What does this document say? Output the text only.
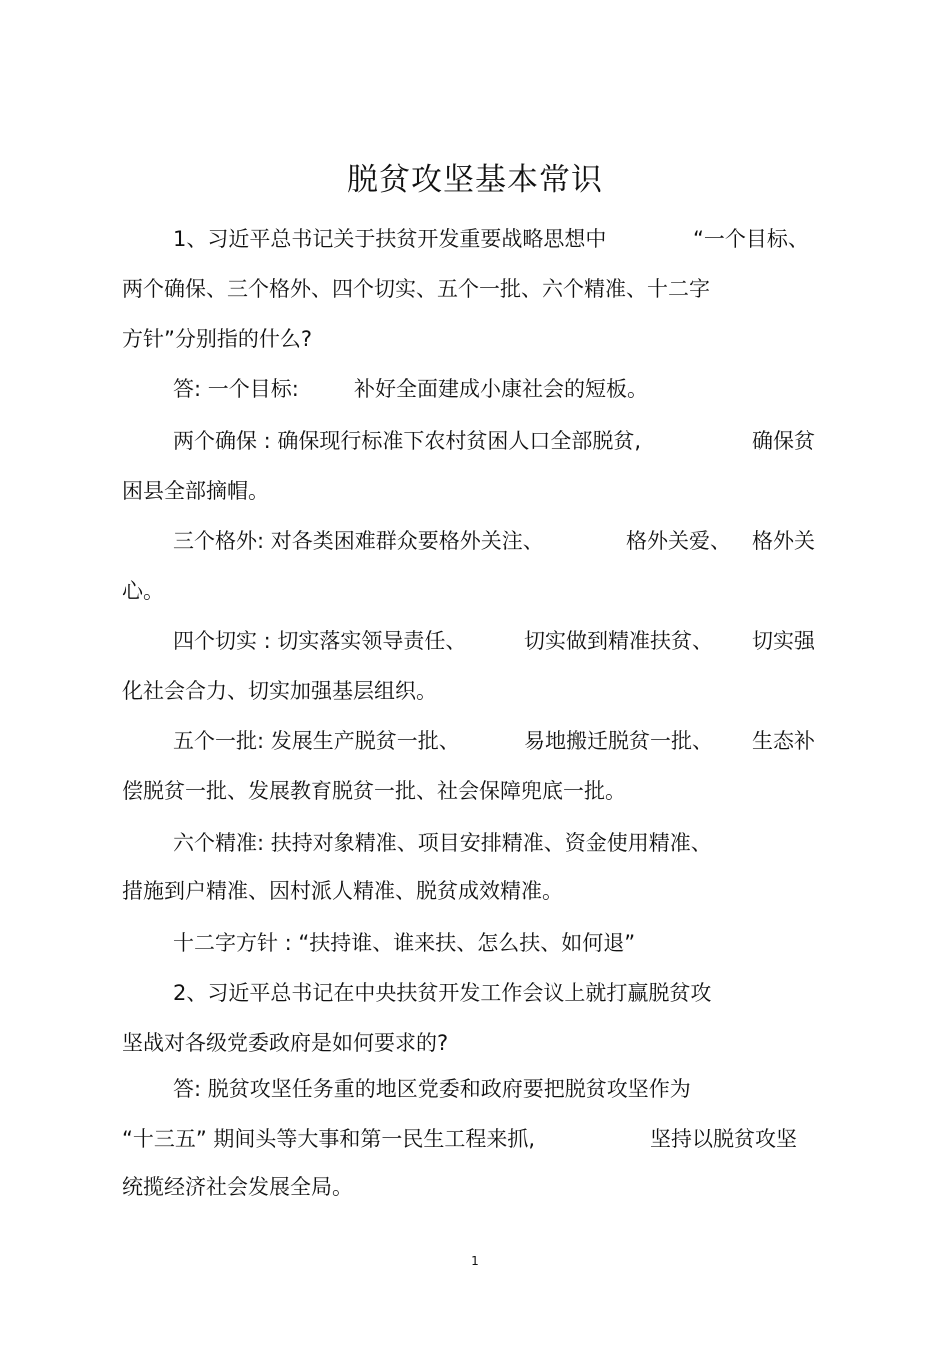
脱贫攻坚基本常识
1、习近平总书记关于扶贫开发重要战略思想中	“一个目标、
两个确保、三个格外、四个切实、五个一批、六个精准、十二字
方针”分别指的什么?
答: 一个目标:	补好全面建成小康社会的短板。
两个确保 : 确保现行标准下农村贫困人口全部脱贫,	确保贫
困县全部摘帽。
三个格外: 对各类困难群众要格外关注、	格外关爱、 格外关
心。
四个切实 : 切实落实领导责任、	切实做到精准扶贫、 切实强
化社会合力、切实加强基层组织。
五个一批: 发展生产脱贫一批、	易地搬迁脱贫一批、 生态补
偿脱贫一批、发展教育脱贫一批、社会保障兜底一批。
六个精准: 扶持对象精准、项目安排精准、资金使用精准、
措施到户精准、因村派人精准、脱贫成效精准。
十二字方针 : “扶持谁、谁来扶、怎么扶、如何退”
2、习近平总书记在中央扶贫开发工作会议上就打赢脱贫攻
坚战对各级党委政府是如何要求的?
答: 脱贫攻坚任务重的地区党委和政府要把脱贫攻坚作为
“十三五” 期间头等大事和第一民生工程来抓,	坚持以脱贫攻坚
统揽经济社会发展全局。
1
